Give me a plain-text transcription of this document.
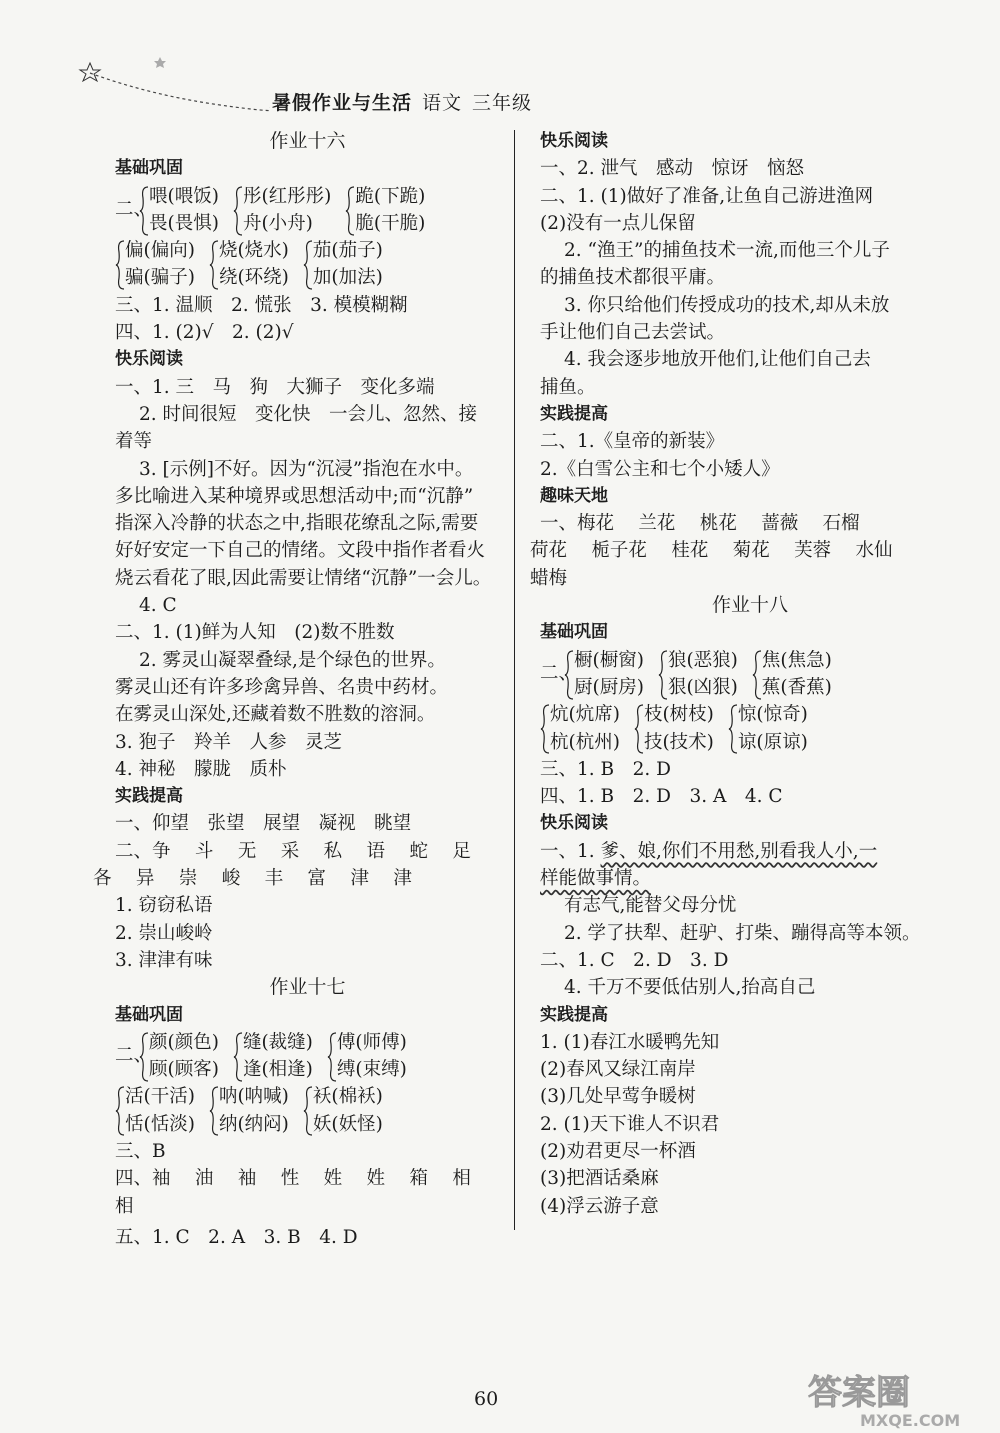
暑假作业与生活 语文 三年级
作业十六
基础巩固
二、
喂(喂饭)
畏(畏惧)
彤(红彤彤)
舟(小舟)
跪(下跪)
脆(干脆)
偏(偏向)
骗(骗子)
烧(烧水)
绕(环绕)
茄(茄子)
加(加法)
三、1. 温顺　2. 慌张　3. 模模糊糊
四、1. (2)√　2. (2)√
快乐阅读
一、1. 三　马　狗　大狮子　变化多端
2. 时间很短　变化快　一会儿、忽然、接
着等
3. [示例]不好。因为“沉浸”指泡在水中。
多比喻进入某种境界或思想活动中;而“沉静”
指深入冷静的状态之中,指眼花缭乱之际,需要
好好安定一下自己的情绪。文段中指作者看火
烧云看花了眼,因此需要让情绪“沉静”一会儿。
4. C
二、1. (1)鲜为人知　(2)数不胜数
2. 雾灵山凝翠叠绿,是个绿色的世界。
雾灵山还有许多珍禽异兽、名贵中药材。
在雾灵山深处,还藏着数不胜数的溶洞。
3. 狍子　羚羊　人参　灵芝
4. 神秘　朦胧　质朴
实践提高
一、仰望　 张望　 展望　 凝视　 眺望
二、争　 斗　 无　 采　 私　 语　 蛇　 足
各　 异　 崇　 峻　 丰　 富　 津　 津
1. 窃窃私语
2. 崇山峻岭
3. 津津有味
作业十七
基础巩固
二、
颜(颜色)
顾(顾客)
缝(裁缝)
逢(相逢)
傅(师傅)
缚(束缚)
活(干活)
恬(恬淡)
呐(呐喊)
纳(纳闷)
袄(棉袄)
妖(妖怪)
三、B
四、袖　 油　 袖　 性　 姓　 姓　 箱　 相
相
五、1. C　2. A　3. B　4. D
快乐阅读
一、2. 泄气　感动　惊讶　恼怒
二、1. (1)做好了准备,让鱼自己游进渔网
(2)没有一点儿保留
2. “渔王”的捕鱼技术一流,而他三个儿子
的捕鱼技术都很平庸。
3. 你只给他们传授成功的技术,却从未放
手让他们自己去尝试。
4. 我会逐步地放开他们,让他们自己去
捕鱼。
实践提高
二、1.《皇帝的新装》
2.《白雪公主和七个小矮人》
趣味天地
一、梅花　 兰花　 桃花　 蔷薇　 石榴
荷花　 栀子花　 桂花　 菊花　 芙蓉　 水仙
蜡梅
作业十八
基础巩固
二、
橱(橱窗)
厨(厨房)
狼(恶狼)
狠(凶狠)
焦(焦急)
蕉(香蕉)
炕(炕席)
杭(杭州)
枝(树枝)
技(技术)
惊(惊奇)
谅(原谅)
三、1. B　2. D
四、1. B　2. D　3. A　4. C
快乐阅读
一、1. 爹、娘,你们不用愁,别看我人小,一
样能做事情。
有志气,能替父母分忧
2. 学了扶犁、赶驴、打柴、蹦得高等本领。
二、1. C　2. D　3. D
4. 千万不要低估别人,抬高自己
实践提高
1. (1)春江水暖鸭先知
(2)春风又绿江南岸
(3)几处早莺争暖树
2. (1)天下谁人不识君
(2)劝君更尽一杯酒
(3)把酒话桑麻
(4)浮云游子意
60	答案圈
MXQE.COM
